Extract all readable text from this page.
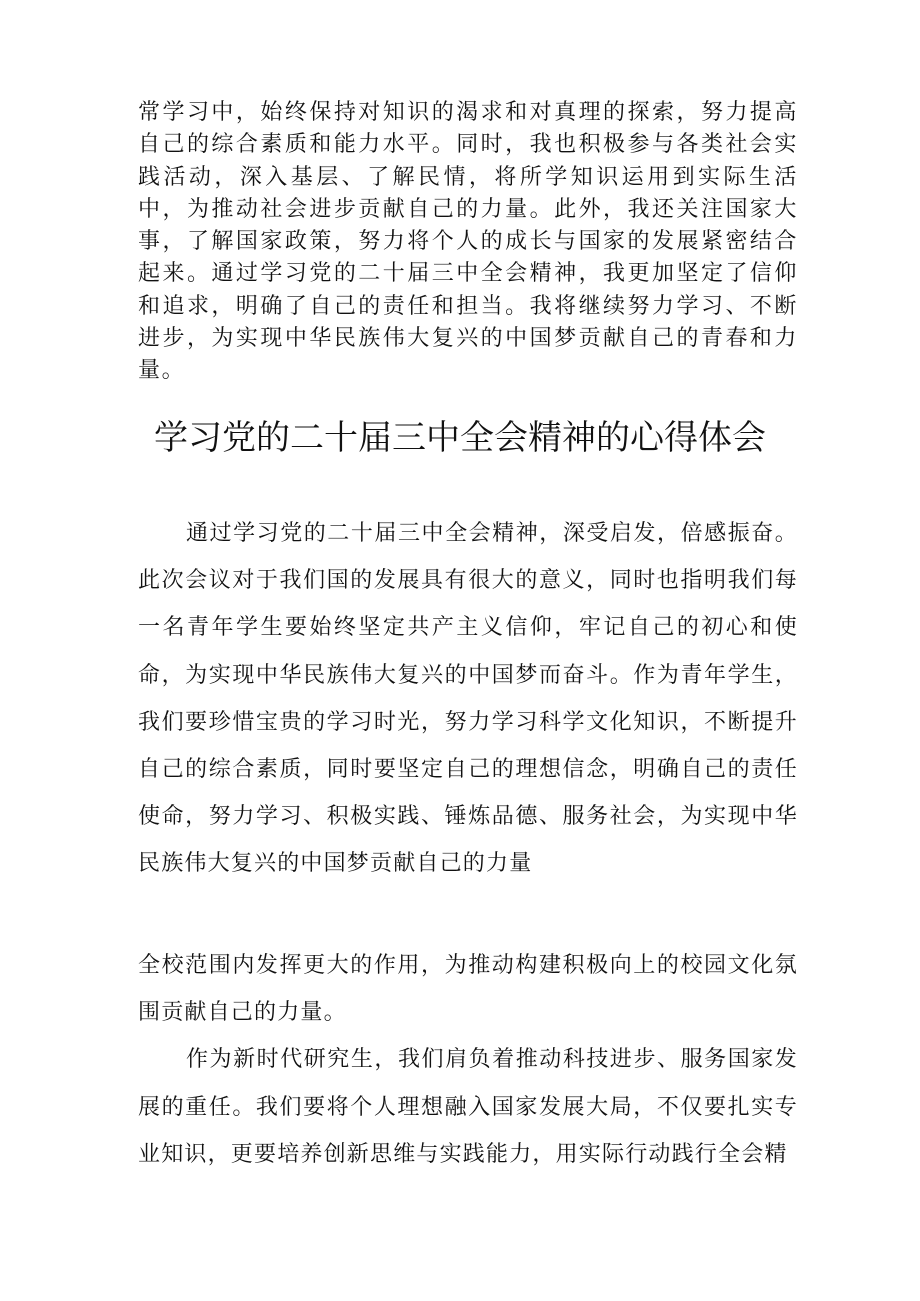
常学习中，始终保持对知识的渴求和对真理的探索，努力提高自己的综合素质和能力水平。同时，我也积极参与各类社会实践活动，深入基层、了解民情，将所学知识运用到实际生活中，为推动社会进步贡献自己的力量。此外，我还关注国家大事，了解国家政策，努力将个人的成长与国家的发展紧密结合起来。通过学习党的二十届三中全会精神，我更加坚定了信仰和追求，明确了自己的责任和担当。我将继续努力学习、不断进步，为实现中华民族伟大复兴的中国梦贡献自己的青春和力量。

学习党的二十届三中全会精神的心得体会

通过学习党的二十届三中全会精神，深受启发，倍感振奋。此次会议对于我们国的发展具有很大的意义，同时也指明我们每一名青年学生要始终坚定共产主义信仰，牢记自己的初心和使命，为实现中华民族伟大复兴的中国梦而奋斗。作为青年学生，我们要珍惜宝贵的学习时光，努力学习科学文化知识，不断提升自己的综合素质，同时要坚定自己的理想信念，明确自己的责任使命，努力学习、积极实践、锤炼品德、服务社会，为实现中华民族伟大复兴的中国梦贡献自己的力量

全校范围内发挥更大的作用，为推动构建积极向上的校园文化氛围贡献自己的力量。

作为新时代研究生，我们肩负着推动科技进步、服务国家发展的重任。我们要将个人理想融入国家发展大局，不仅要扎实专业知识，更要培养创新思维与实践能力，用实际行动践行全会精
